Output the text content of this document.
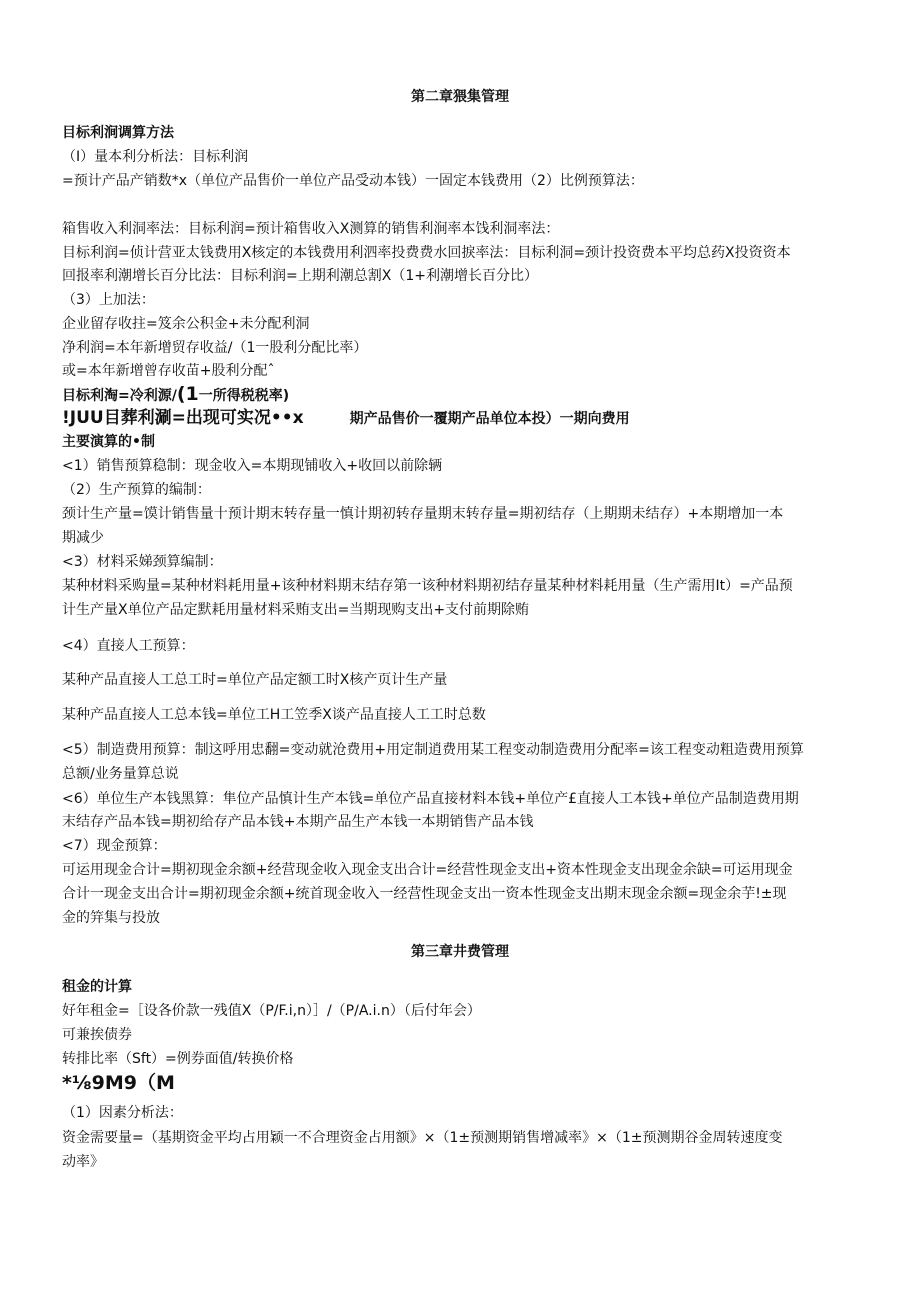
第二章猥集管理
目标利涧调算方法
（I）量本利分析法：目标利润
=预计产品产销数*x（单位产品售价一单位产品受动本钱）一固定本钱费用（2）比例预算法：
箱售收入利洞率法：目标利润=预计箱售收入X测算的销售利涧率本饯利洞率法：
目标利润=侦计营亚太钱费用X核定的本钱费用利泗率投费费水回捩率法：目标利洞=颈计投资费本平均总药X投资资本
回报率利潮增长百分比法：目标利润=上期利潮总割X（1+利潮增长百分比）
（3）上加法：
企业留存收拄=笈余公积金+未分配利洞
净利润=本年新增贸存收益/（1一股利分配比率）
或=本年新增曾存收苗+股利分配ˆ
目标利淘=冷利源/(1一所得税税率)
!JUU目葬利涮=出现可实况••x	期产品售价一覆期产品单位本投）一期向费用
主要演算的•制
<1）销售预算稳制：现金收入=本期现铺收入+收回以前除辆
（2）生产预算的编制：
颈计生产量=馍计销售量十预计期末转存量一慎计期初转存量期末转存量=期初结存（上期期未结存）+本期增加一本
期减少
<3）材料采娣颈算编制：
某种材料采购量=某种材料耗用量+该种材料期末结存第一该种材料期初结存量某种材料耗用量（生产需用It）=产品预
计生产量X单位产品定默耗用量材料采贿支出=当期现购支出+支付前期除贿
<4）直接人工预算：
某种产品直接人工总工时=单位产品定额工时X核产页计生产量
某种产品直接人工总本钱=单位工H工笠季X谈产品直接人工工时总数
<5）制造费用预算：制这呼用忠翻=变动就沧费用+用定制逍费用某工程变动制造费用分配率=该工程变动粗造费用预算
总额/业务量算总说
<6）单位生产本钱黑算：隼位产品慎计生产本钱=单位产品直接材料本钱+单位产£直接人工本钱+单位产品制造费用期
末结存产品本钱=期初给存产品本钱+本期产品生产本钱一本期销售产品本钱
<7）现金预算：
可运用现金合计=期初现金余额+经营现金收入现金支出合计=经营性现金支出+资本性现金支出现金余缺=可运用现金
合计一现金支出合计=期初现金余额+统首现金收入一经营性现金支出一资本性现金支出期末现金余额=现金余芋!±现
金的笄集与投放
第三章井费管理
租金的计算
好年租金=［设各价款一残值X（P/F.i,n）］/（P/A.i.n）（后付年会）
可兼挨债券
转排比率（Sft）=例券面值/转换价格
*⅛9M9（M
（1）因素分析法：
资金需要量=（基期资金平均占用颖一不合理资金占用额》×（1±预测期销售增减率》×（1±预测期谷金周转速度变
动率》
